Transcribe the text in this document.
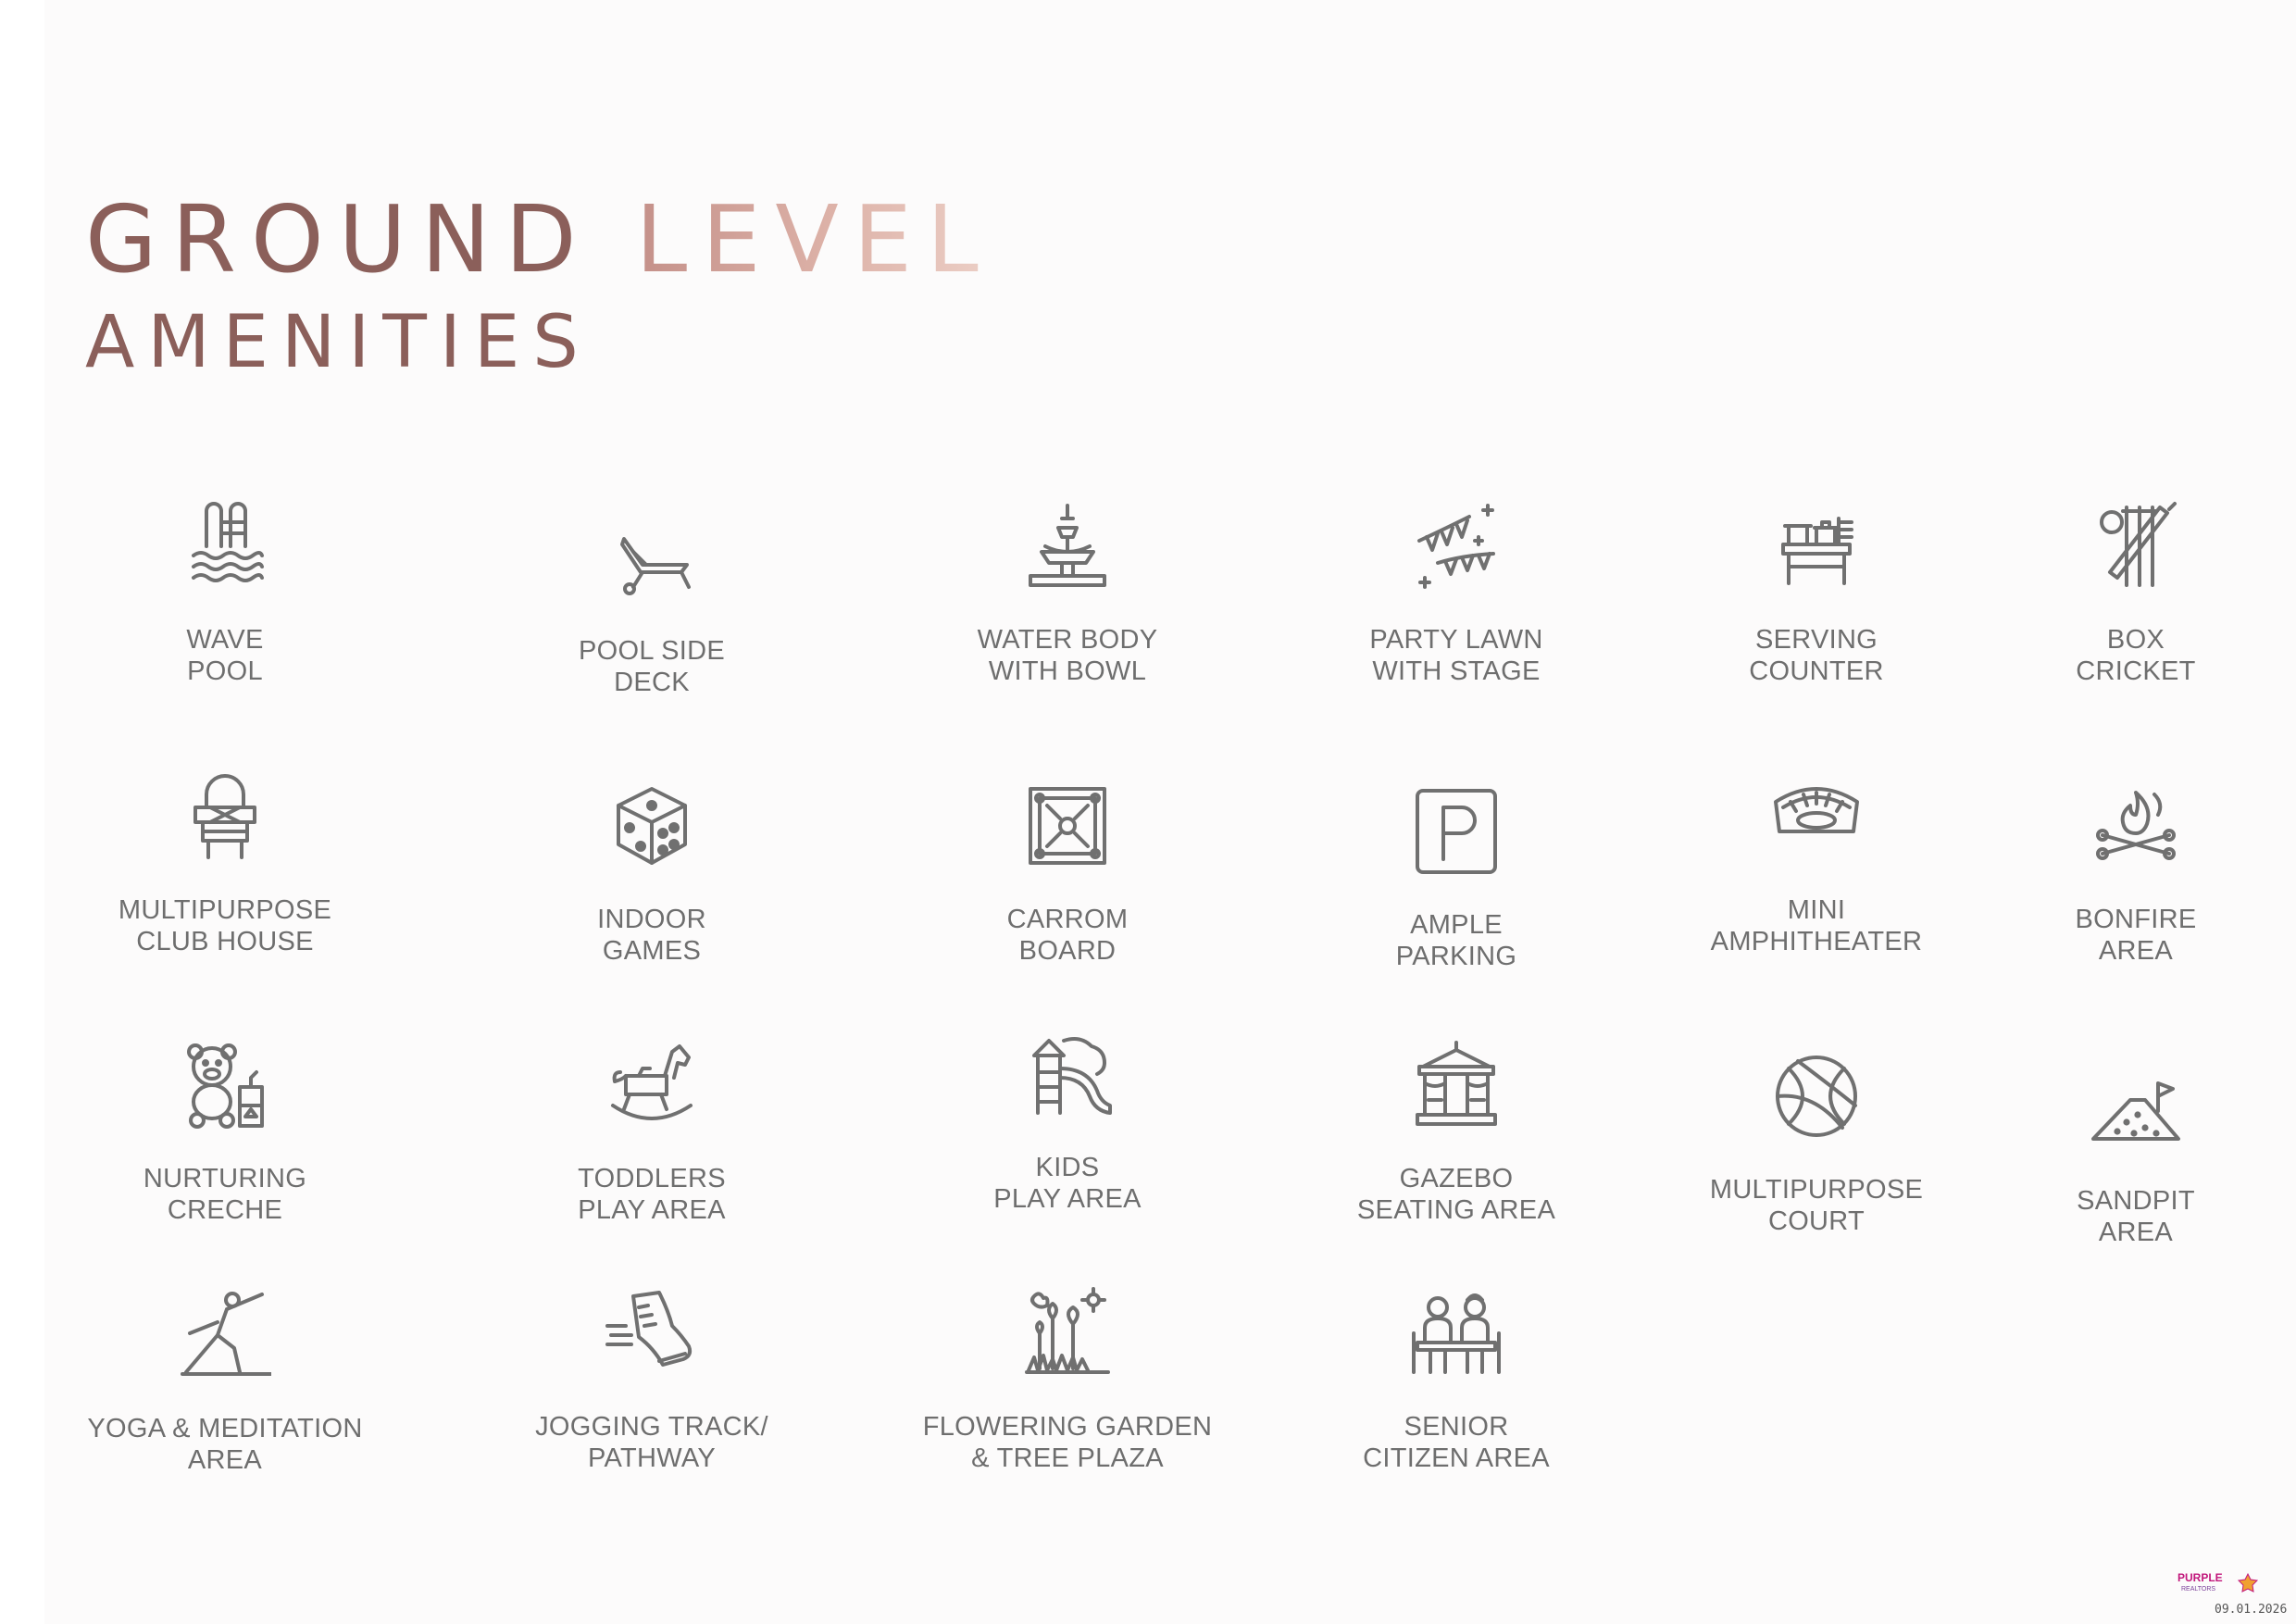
GROUND LEVEL
AMENITIES
WAVE
POOL
POOL SIDE
DECK
WATER BODY
WITH BOWL
PARTY LAWN
WITH STAGE
SERVING
COUNTER
BOX
CRICKET
MULTIPURPOSE
CLUB HOUSE
INDOOR
GAMES
CARROM
BOARD
AMPLE
PARKING
MINI
AMPHITHEATER
BONFIRE
AREA
NURTURING
CRECHE
TODDLERS
PLAY AREA
KIDS
PLAY AREA
GAZEBO
SEATING AREA
MULTIPURPOSE
COURT
SANDPIT
AREA
YOGA & MEDITATION
AREA
JOGGING TRACK/
PATHWAY
FLOWERING GARDEN
& TREE PLAZA
SENIOR
CITIZEN AREA
PURPLE
REALTORS
09.01.2026
